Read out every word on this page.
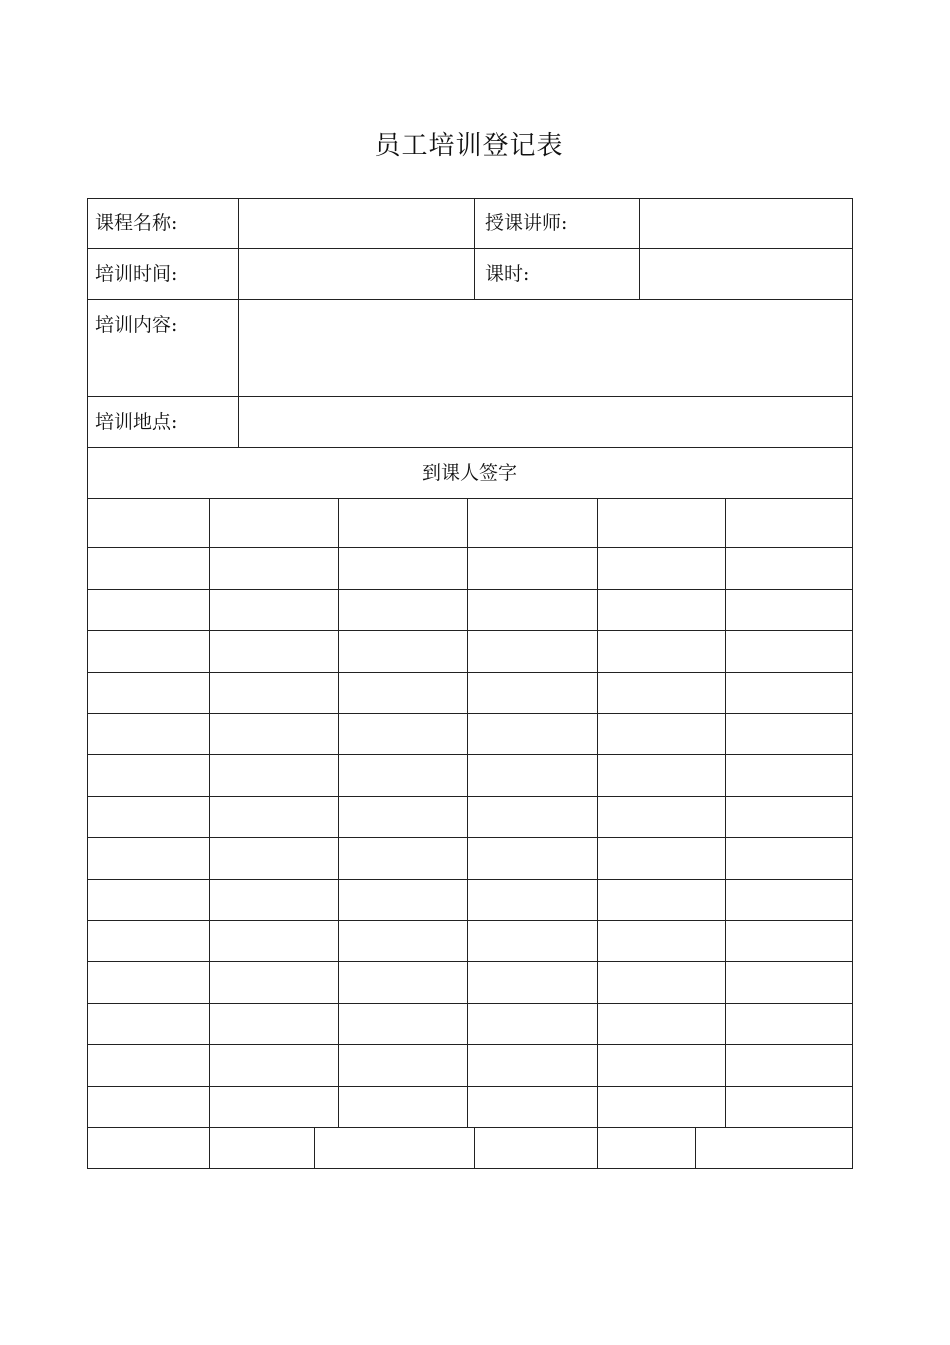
员工培训登记表
课程名称:	授课讲师:
培训时间:	课时:
培训内容:
培训地点:
到课人签字
